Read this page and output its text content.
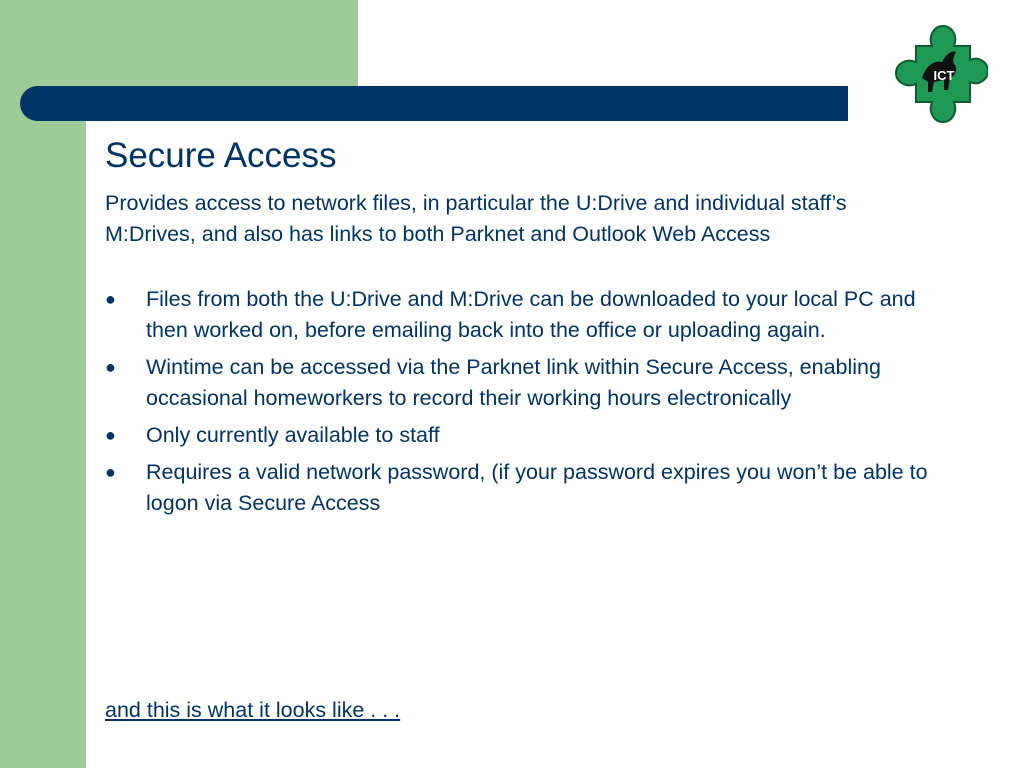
ICT
Secure Access

Provides access to network files, in particular the U:Drive and individual staff’s M:Drives, and also has links to both Parknet and Outlook Web Access

● Files from both the U:Drive and M:Drive can be downloaded to your local PC and then worked on, before emailing back into the office or uploading again.
● Wintime can be accessed via the Parknet link within Secure Access, enabling occasional homeworkers to record their working hours electronically
● Only currently available to staff
● Requires a valid network password, (if your password expires you won’t be able to logon via Secure Access
and this is what it looks like . . .
